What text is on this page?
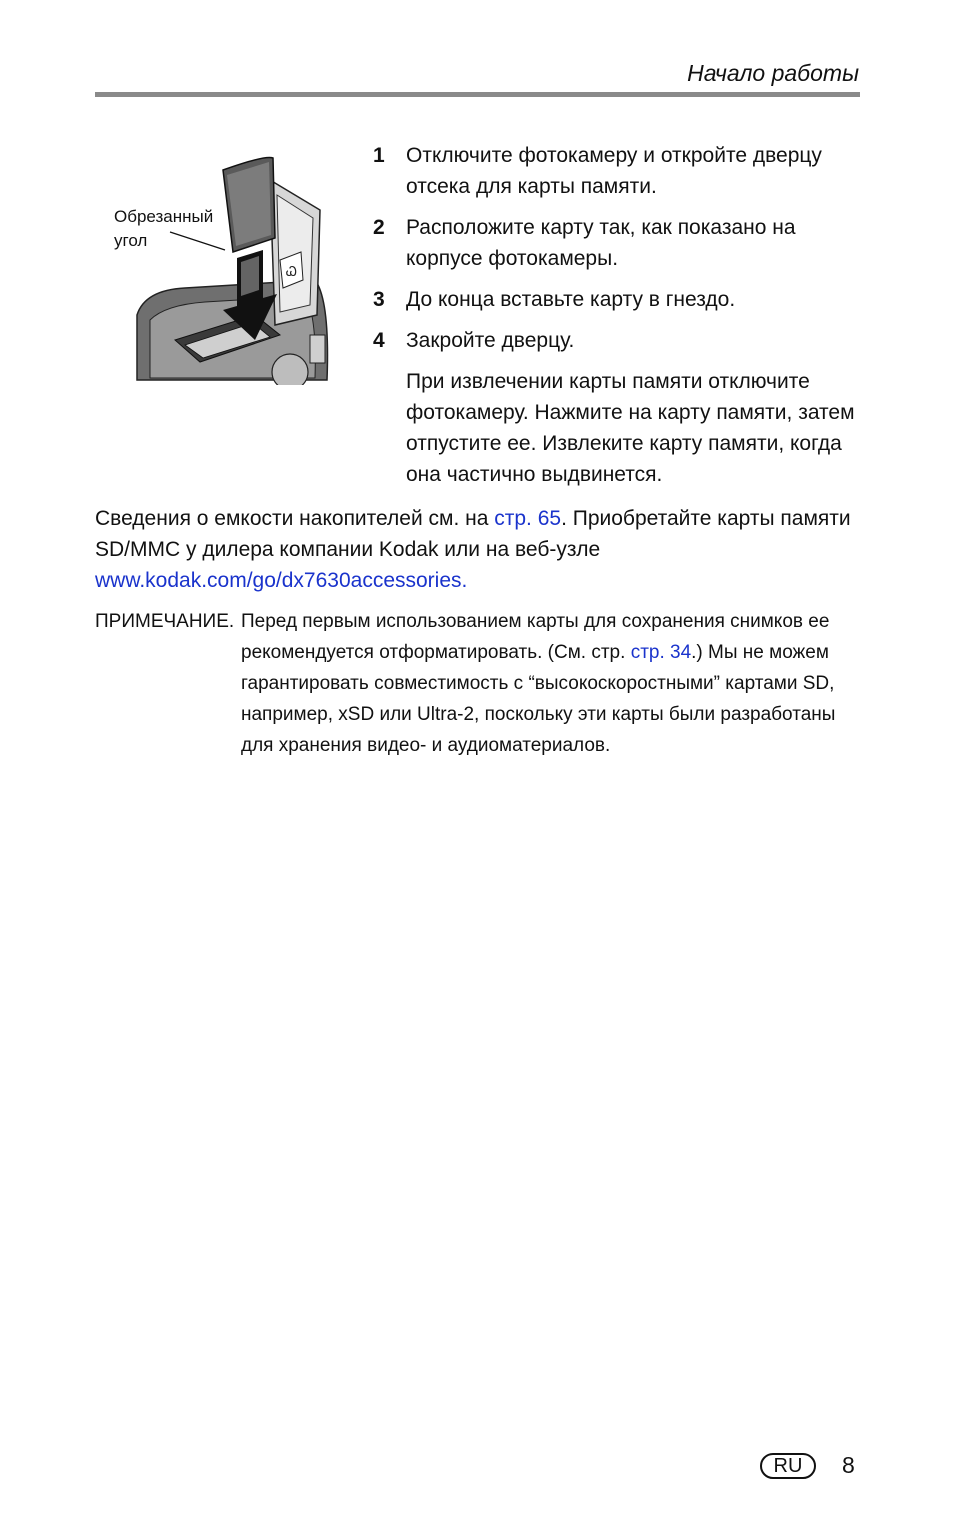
Начало работы
Ꮗ
Обрезанный угол
1 Отключите фотокамеру и откройте дверцу отсека для карты памяти.
2 Расположите карту так, как показано на корпусе фотокамеры.
3 До конца вставьте карту в гнездо.
4 Закройте дверцу.
При извлечении карты памяти отключите фотокамеру. Нажмите на карту памяти, затем отпустите ее. Извлеките карту памяти, когда она частично выдвинется.
Сведения о емкости накопителей см. на стр. 65. Приобретайте карты памяти SD/MMC у дилера компании Kodak или на веб-узле
www.kodak.com/go/dx7630accessories.
ПРИМЕЧАНИЕ. Перед первым использованием карты для сохранения снимков ее рекомендуется отформатировать. (См. стр. стр. 34.) Мы не можем гарантировать совместимость с “высокоскоростными” картами SD, например, xSD или Ultra-2, поскольку эти карты были разработаны для хранения видео- и аудиоматериалов.
RU	8
